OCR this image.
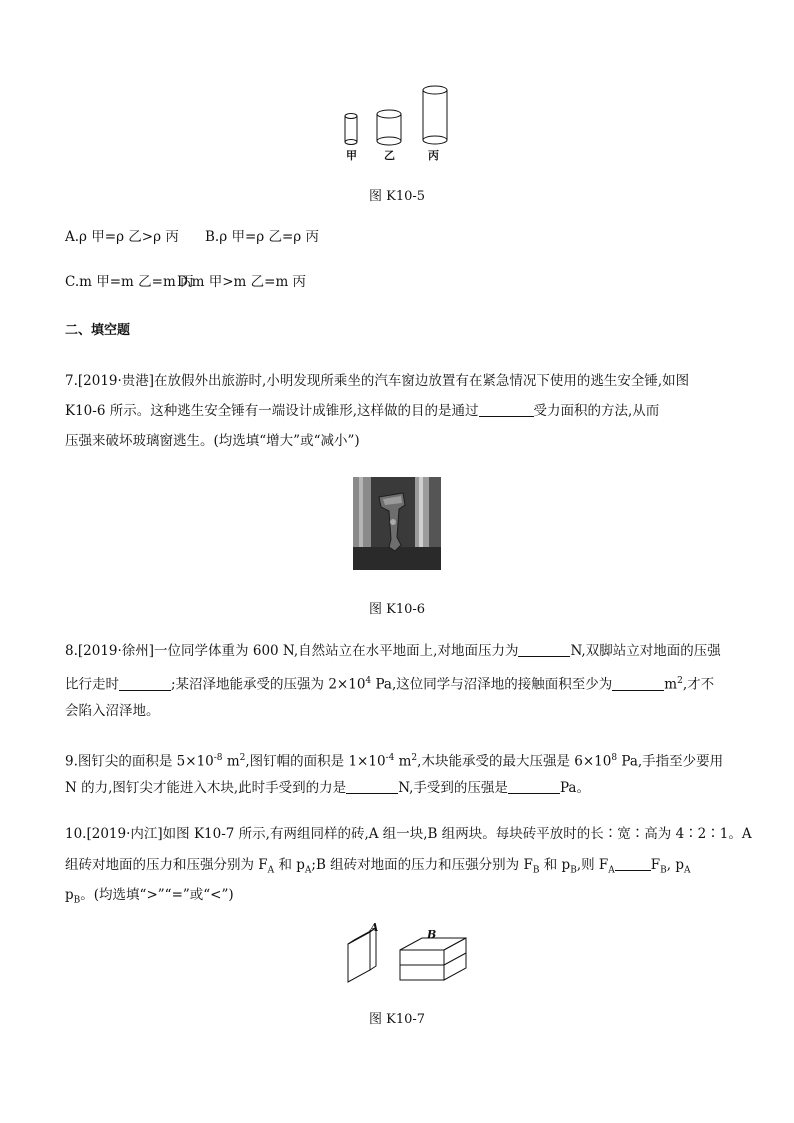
甲 乙	丙
图 K10-5
A.ρ 甲=ρ 乙>ρ 丙 B.ρ 甲=ρ 乙=ρ 丙
C.m 甲=m 乙=m 丙
D.m 甲>m 乙=m 丙
二、填空题
7.[2019·贵港]在放假外出旅游时,小明发现所乘坐的汽车窗边放置有在紧急情况下使用的逃生安全锤,如图
K10-6 所示。这种逃生安全锤有一端设计成锥形,这样做的目的是通过	受力面积的方法,从而
压强来破坏玻璃窗逃生。(均选填“增大”或“减小”)
图 K10-6
8.[2019·徐州]一位同学体重为 600 N,自然站立在水平地面上,对地面压力为	N,双脚站立对地面的压强
比行走时	;某沼泽地能承受的压强为 $2\times 10^4$ Pa,这位同学与沼泽地的接触面积至少为	$m^2$,才不
会陷入沼泽地。
9.图钉尖的面积是 $5\times 10^{-8}$ $m^2$,图钉帽的面积是 $1\times 10^{-4}$ $m^2$,木块能承受的最大压强是 $6\times 10^8$ Pa,手指至少要用
N 的力,图钉尖才能进入木块,此时手受到的力是	N,手受到的压强是	Pa。
10.[2019·内江]如图 K10-7 所示,有两组同样的砖,A 组一块,B 组两块。每块砖平放时的长∶宽∶高为 4∶2∶1。A
组砖对地面的压力和压强分别为 $F_A$ 和 $p_A;B$ 组砖对地面的压力和压强分别为 $F_B$ 和 $p_B$,则 $F_A$	$F_B$, $p_A$
$p_B$。(均选填“>”“=”或“<”)
A
B
图 K10-7
